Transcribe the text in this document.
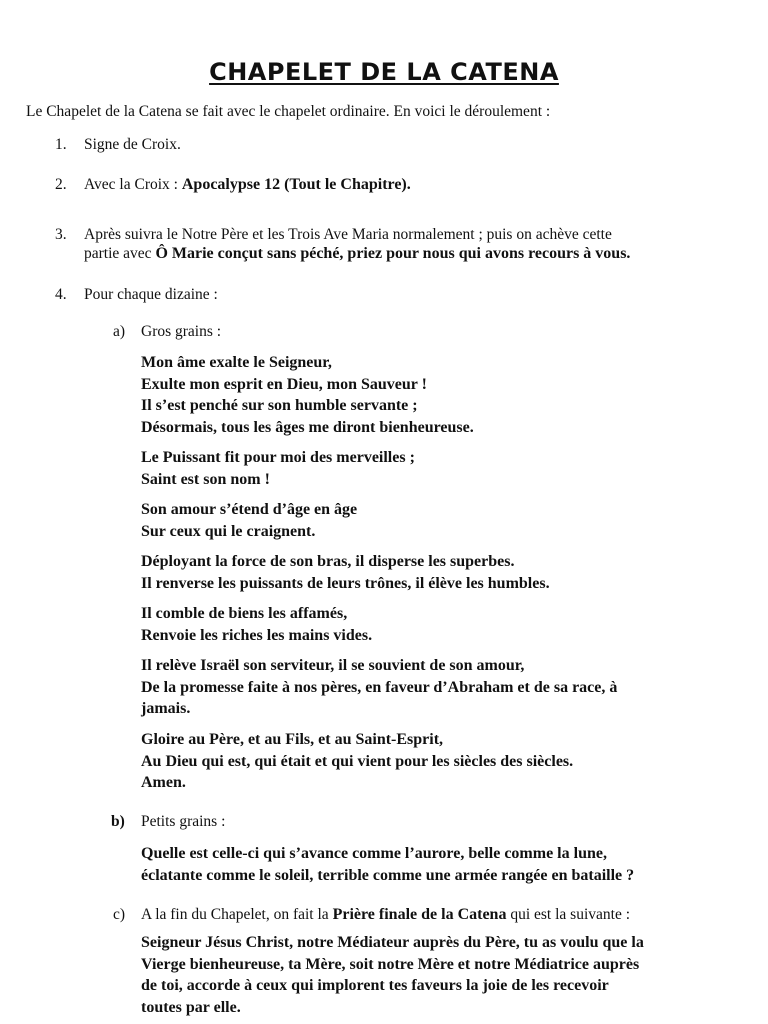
CHAPELET DE LA CATENA
Le Chapelet de la Catena se fait avec le chapelet ordinaire. En voici le déroulement :
1. Signe de Croix.
2. Avec la Croix : Apocalypse 12 (Tout le Chapitre).
3. Après suivra le Notre Père et les Trois Ave Maria normalement ; puis on achève cette
partie avec Ô Marie conçut sans péché, priez pour nous qui avons recours à vous.
4. Pour chaque dizaine :
a) Gros grains :
Mon âme exalte le Seigneur,
Exulte mon esprit en Dieu, mon Sauveur !
Il s’est penché sur son humble servante ;
Désormais, tous les âges me diront bienheureuse.
Le Puissant fit pour moi des merveilles ;
Saint est son nom !
Son amour s’étend d’âge en âge
Sur ceux qui le craignent.
Déployant la force de son bras, il disperse les superbes.
Il renverse les puissants de leurs trônes, il élève les humbles.
Il comble de biens les affamés,
Renvoie les riches les mains vides.
Il relève Israël son serviteur, il se souvient de son amour,
De la promesse faite à nos pères, en faveur d’Abraham et de sa race, à
jamais.
Gloire au Père, et au Fils, et au Saint-Esprit,
Au Dieu qui est, qui était et qui vient pour les siècles des siècles.
Amen.
b) Petits grains :
Quelle est celle-ci qui s’avance comme l’aurore, belle comme la lune,
éclatante comme le soleil, terrible comme une armée rangée en bataille ?
c) A la fin du Chapelet, on fait la Prière finale de la Catena qui est la suivante :
Seigneur Jésus Christ, notre Médiateur auprès du Père, tu as voulu que la
Vierge bienheureuse, ta Mère, soit notre Mère et notre Médiatrice auprès
de toi, accorde à ceux qui implorent tes faveurs la joie de les recevoir
toutes par elle.
